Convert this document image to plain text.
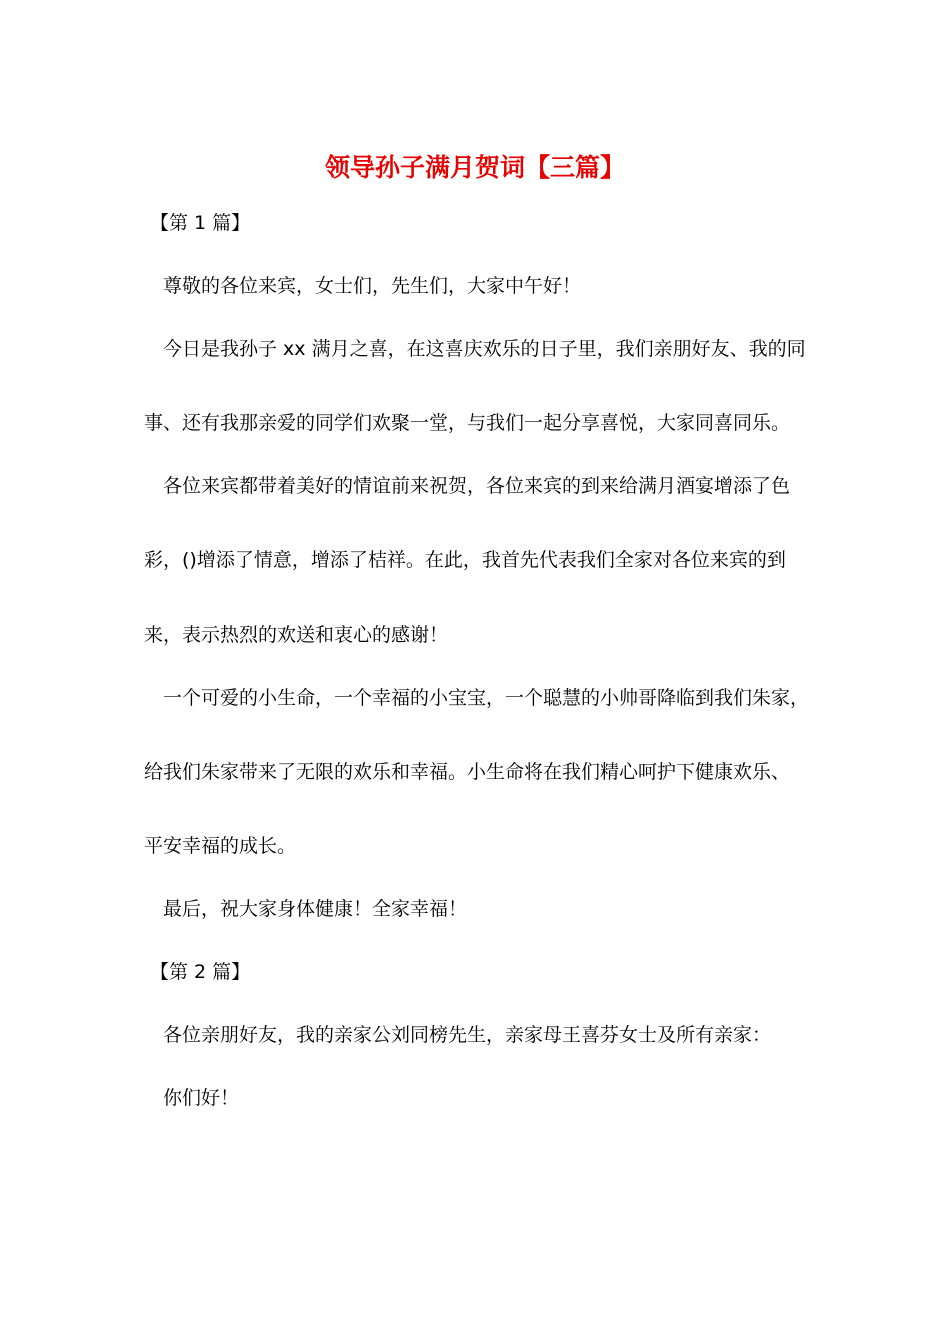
领导孙子满月贺词【三篇】

【第 1 篇】

尊敬的各位来宾，女士们，先生们，大家中午好！

今日是我孙子 xx 满月之喜，在这喜庆欢乐的日子里，我们亲朋好友、我的同

事、还有我那亲爱的同学们欢聚一堂，与我们一起分享喜悦，大家同喜同乐。

各位来宾都带着美好的情谊前来祝贺，各位来宾的到来给满月酒宴增添了色

彩，()增添了情意，增添了桔祥。在此，我首先代表我们全家对各位来宾的到

来，表示热烈的欢送和衷心的感谢！

一个可爱的小生命，一个幸福的小宝宝，一个聪慧的小帅哥降临到我们朱家，

给我们朱家带来了无限的欢乐和幸福。小生命将在我们精心呵护下健康欢乐、

平安幸福的成长。

最后，祝大家身体健康！全家幸福！

【第 2 篇】

各位亲朋好友，我的亲家公刘同榜先生，亲家母王喜芬女士及所有亲家：

你们好！
